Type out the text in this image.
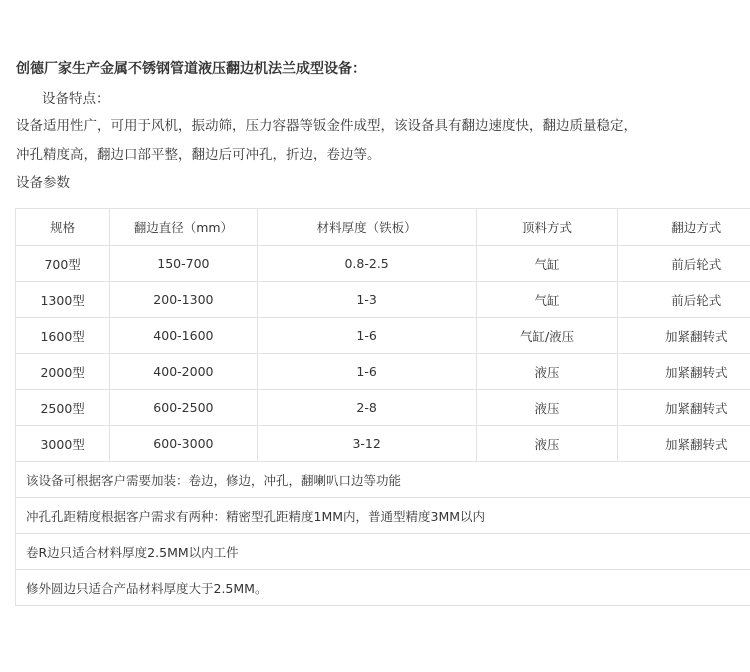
创德厂家生产金属不锈钢管道液压翻边机法兰成型设备：
设备特点：
设备适用性广，可用于风机，振动筛，压力容器等钣金件成型，该设备具有翻边速度快，翻边质量稳定，
冲孔精度高，翻边口部平整，翻边后可冲孔，折边，卷边等。
设备参数
规格	翻边直径（mm）	材料厚度（铁板）	顶料方式	翻边方式
700型	150-700	0.8-2.5	气缸	前后轮式
1300型	200-1300	1-3	气缸	前后轮式
1600型	400-1600	1-6	气缸/液压	加紧翻转式
2000型	400-2000	1-6	液压	加紧翻转式
2500型	600-2500	2-8	液压	加紧翻转式
3000型	600-3000	3-12	液压	加紧翻转式
该设备可根据客户需要加装：卷边，修边，冲孔，翻喇叭口边等功能				
冲孔孔距精度根据客户需求有两种：精密型孔距精度1MM内，普通型精度3MM以内				
卷R边只适合材料厚度2.5MM以内工件				
修外圆边只适合产品材料厚度大于2.5MM。				
